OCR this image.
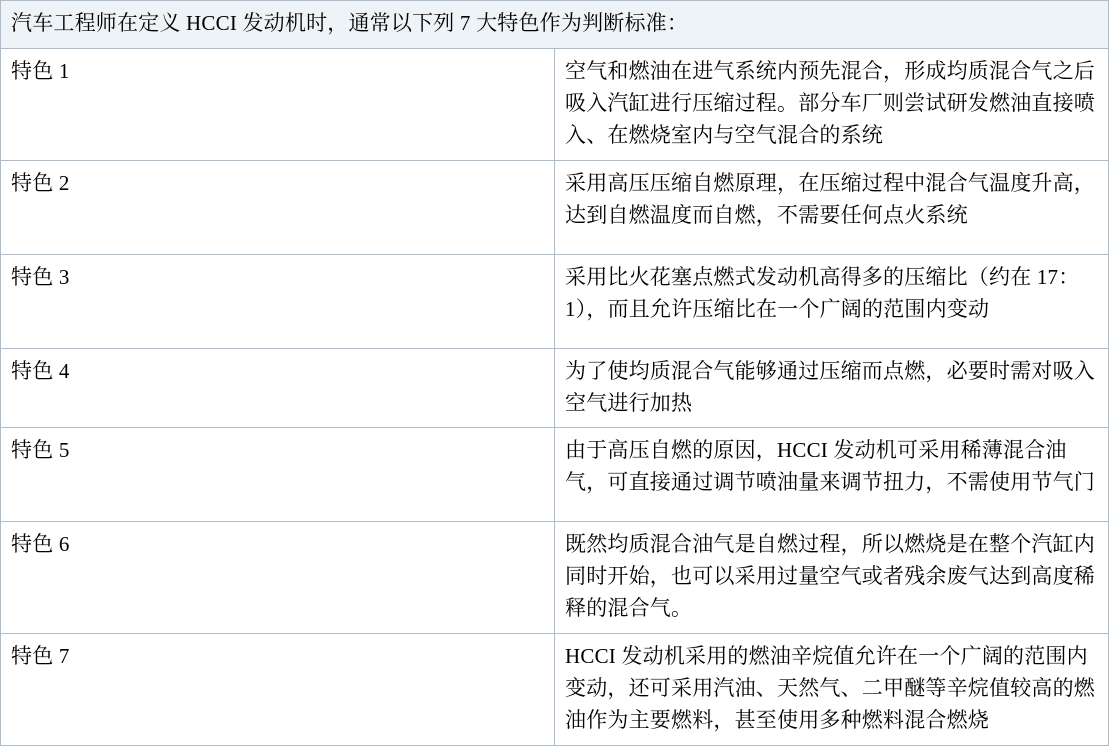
汽车工程师在定义 HCCI 发动机时，通常以下列 7 大特色作为判断标准：	
特色 1	空气和燃油在进气系统内预先混合，形成均质混合气之后吸入汽缸进行压缩过程。部分车厂则尝试研发燃油直接喷入、在燃烧室内与空气混合的系统
特色 2	采用高压压缩自燃原理，在压缩过程中混合气温度升高，达到自燃温度而自燃，不需要任何点火系统
特色 3	采用比火花塞点燃式发动机高得多的压缩比（约在 17：1），而且允许压缩比在一个广阔的范围内变动
特色 4	为了使均质混合气能够通过压缩而点燃，必要时需对吸入空气进行加热
特色 5	由于高压自燃的原因，HCCI 发动机可采用稀薄混合油气，可直接通过调节喷油量来调节扭力，不需使用节气门
特色 6	既然均质混合油气是自燃过程，所以燃烧是在整个汽缸内同时开始，也可以采用过量空气或者残余废气达到高度稀释的混合气。
特色 7	HCCI 发动机采用的燃油辛烷值允许在一个广阔的范围内变动，还可采用汽油、天然气、二甲醚等辛烷值较高的燃油作为主要燃料，甚至使用多种燃料混合燃烧
